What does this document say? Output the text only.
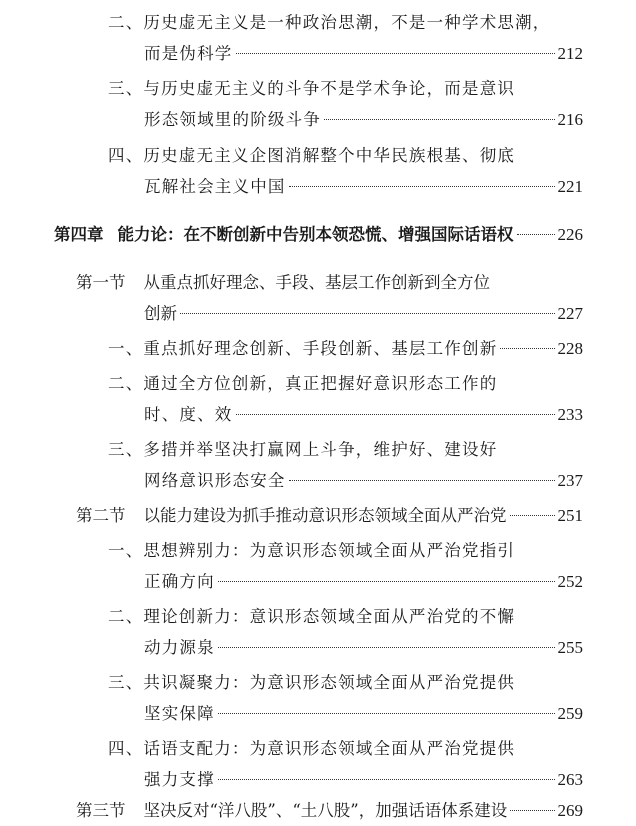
二、历史虚无主义是一种政治思潮，不是一种学术思潮，
而是伪科学	212
三、与历史虚无主义的斗争不是学术争论，而是意识
形态领域里的阶级斗争	216
四、历史虚无主义企图消解整个中华民族根基、彻底
瓦解社会主义中国	221
第四章 能力论：在不断创新中告别本领恐慌、增强国际话语权	226
第一节 从重点抓好理念、手段、基层工作创新到全方位
创新	227
一、重点抓好理念创新、手段创新、基层工作创新	228
二、通过全方位创新，真正把握好意识形态工作的
时、度、效	233
三、多措并举坚决打赢网上斗争，维护好、建设好
网络意识形态安全	237
第二节 以能力建设为抓手推动意识形态领域全面从严治党	251
一、思想辨别力：为意识形态领域全面从严治党指引
正确方向	252
二、理论创新力：意识形态领域全面从严治党的不懈
动力源泉	255
三、共识凝聚力：为意识形态领域全面从严治党提供
坚实保障	259
四、话语支配力：为意识形态领域全面从严治党提供
强力支撑	263
第三节 坚决反对“洋八股”、“土八股”，加强话语体系建设	269
